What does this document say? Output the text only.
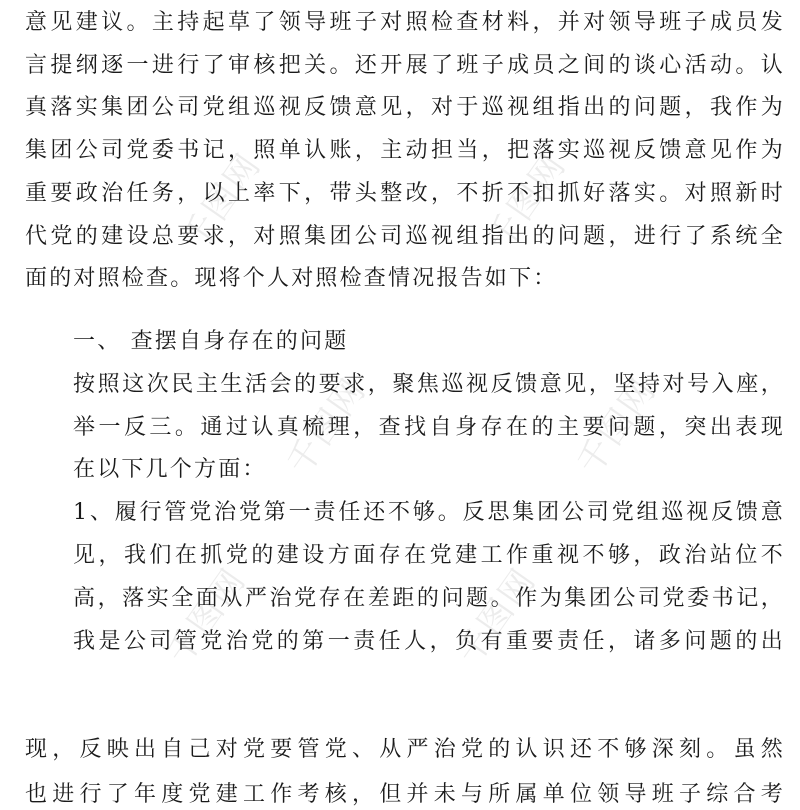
千图网	千图网
千图网	千图网
千图网	千图网
意见建议。主持起草了领导班子对照检查材料，并对领导班子成员发
言提纲逐一进行了审核把关。还开展了班子成员之间的谈心活动。认
真落实集团公司党组巡视反馈意见，对于巡视组指出的问题，我作为
集团公司党委书记，照单认账，主动担当，把落实巡视反馈意见作为
重要政治任务，以上率下，带头整改，不折不扣抓好落实。对照新时
代党的建设总要求，对照集团公司巡视组指出的问题，进行了系统全
面的对照检查。现将个人对照检查情况报告如下：
一、 查摆自身存在的问题
按照这次民主生活会的要求，聚焦巡视反馈意见，坚持对号入座，
举一反三。通过认真梳理，查找自身存在的主要问题，突出表现
在以下几个方面：
1、履行管党治党第一责任还不够。反思集团公司党组巡视反馈意
见，我们在抓党的建设方面存在党建工作重视不够，政治站位不
高，落实全面从严治党存在差距的问题。作为集团公司党委书记，
我是公司管党治党的第一责任人，负有重要责任，诸多问题的出
现，反映出自己对党要管党、从严治党的认识还不够深刻。虽然
也进行了年度党建工作考核，但并未与所属单位领导班子综合考
